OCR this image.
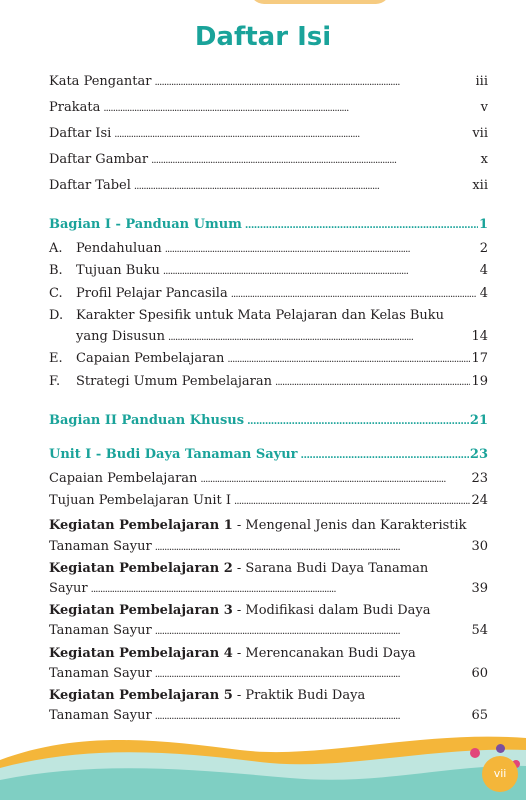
Daftar Isi
Kata Pengantar . . .	iii
Prakata . . .	v
Daftar Isi . . .	vii
Daftar Gambar . . .	x
Daftar Tabel . . .	xii
Bagian I - Panduan Umum . . .	1
A.	Pendahuluan . . .	2
B.	Tujuan Buku . . .	4
C.	Profil Pelajar Pancasila . . .	4
D. Karakter Spesifik untuk Mata Pelajaran dan Kelas Buku
yang Disusun . . .	14
E.	Capaian Pembelajaran . . .	17
F.	Strategi Umum Pembelajaran . . .	19
Bagian II Panduan Khusus . . .	21
Unit I - Budi Daya Tanaman Sayur . . .	23
Capaian Pembelajaran . . .	23
Tujuan Pembelajaran Unit I . . .	24
Kegiatan Pembelajaran 1 - Mengenal Jenis dan Karakteristik
Tanaman Sayur . . .	30
Kegiatan Pembelajaran 2 - Sarana Budi Daya Tanaman
Sayur . . .	39
Kegiatan Pembelajaran 3 - Modifikasi dalam Budi Daya
Tanaman Sayur . . .	54
Kegiatan Pembelajaran 4 - Merencanakan Budi Daya
Tanaman Sayur . . .	60
Kegiatan Pembelajaran 5 - Praktik Budi Daya
Tanaman Sayur . . .	65
vii
